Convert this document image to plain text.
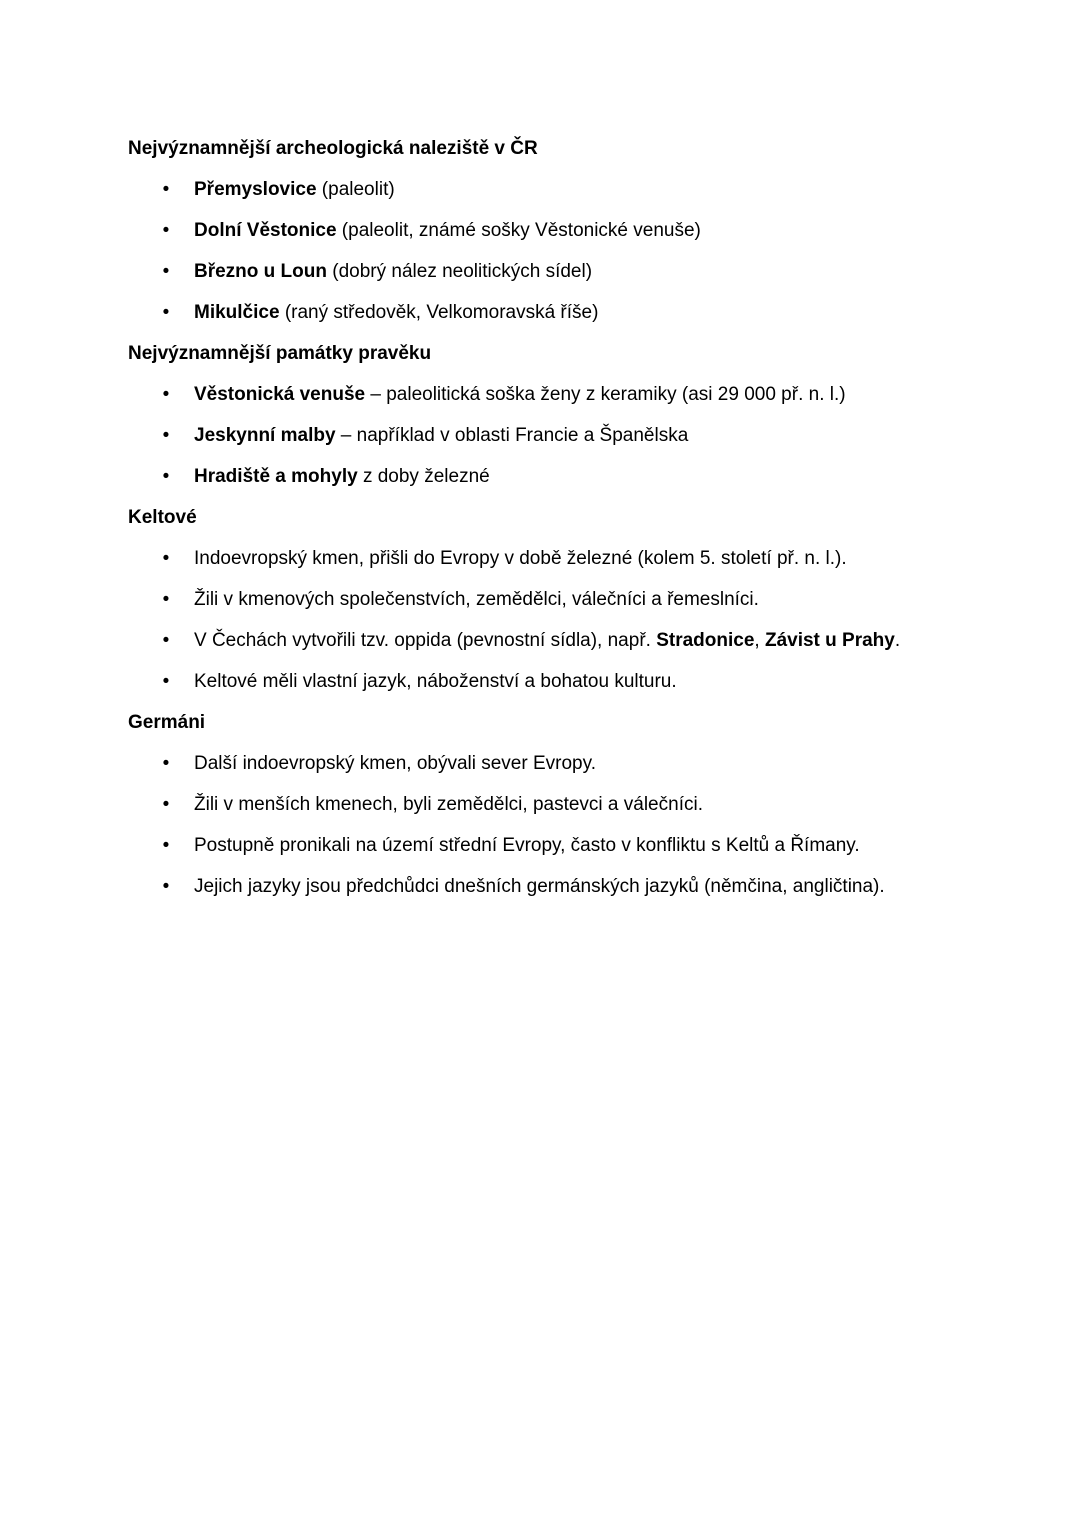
Nejvýznamnější archeologická naleziště v ČR
• Přemyslovice (paleolit)
• Dolní Věstonice (paleolit, známé sošky Věstonické venuše)
• Březno u Loun (dobrý nález neolitických sídel)
• Mikulčice (raný středověk, Velkomoravská říše)
Nejvýznamnější památky pravěku
• Věstonická venuše – paleolitická soška ženy z keramiky (asi 29 000 př. n. l.)
• Jeskynní malby – například v oblasti Francie a Španělska
• Hradiště a mohyly z doby železné
Keltové
• Indoevropský kmen, přišli do Evropy v době železné (kolem 5. století př. n. l.).
• Žili v kmenových společenstvích, zemědělci, válečníci a řemeslníci.
• V Čechách vytvořili tzv. oppida (pevnostní sídla), např. Stradonice, Závist u Prahy.
• Keltové měli vlastní jazyk, náboženství a bohatou kulturu.
Germáni
• Další indoevropský kmen, obývali sever Evropy.
• Žili v menších kmenech, byli zemědělci, pastevci a válečníci.
• Postupně pronikali na území střední Evropy, často v konfliktu s Keltů a Římany.
• Jejich jazyky jsou předchůdci dnešních germánských jazyků (němčina, angličtina).
